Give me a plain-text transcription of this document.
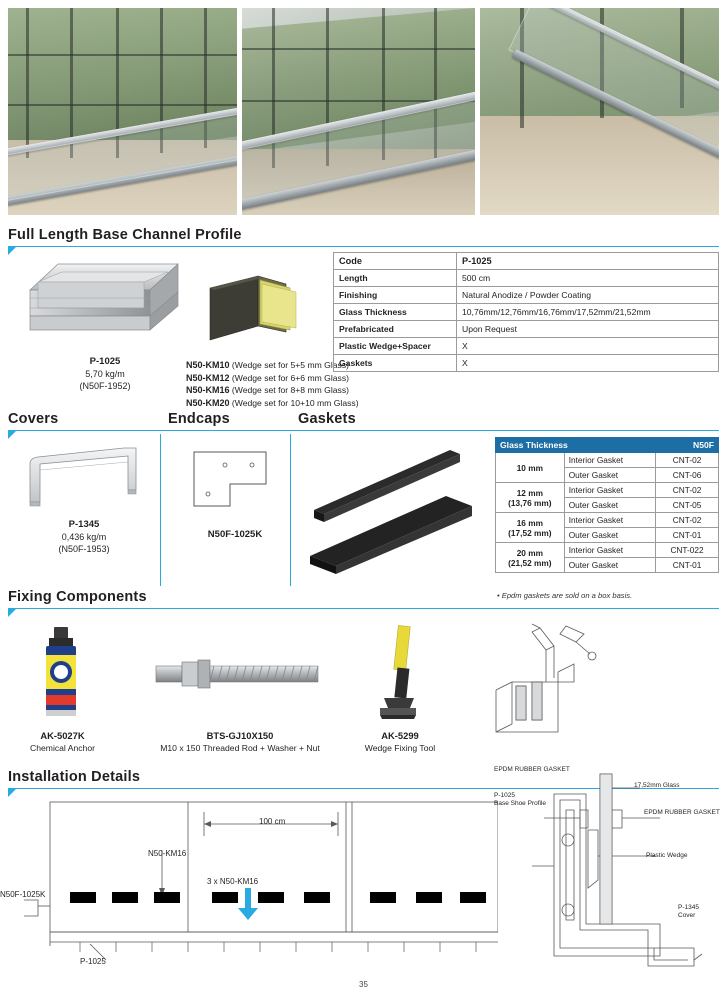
Full Length Base Channel Profile
P-1025
5,70 kg/m
(N50F-1952)
N50-KM10 (Wedge set for 5+5 mm Glass)
N50-KM12 (Wedge set for 6+6 mm Glass)
N50-KM16 (Wedge set for 8+8 mm Glass)
N50-KM20 (Wedge set for 10+10 mm Glass)
Code	P-1025
Length	500 cm
Finishing	Natural Anodize / Powder Coating
Glass Thickness	10,76mm/12,76mm/16,76mm/17,52mm/21,52mm
Prefabricated	Upon Request
Plastic Wedge+Spacer	X
Gaskets	X
Covers	Endcaps	Gaskets
P-1345
0,436 kg/m
(N50F-1953)
N50F-1025K
Glass Thickness		N50F
10 mm	Interior Gasket	CNT-02
	Outer Gasket	CNT-06
12 mm
(13,76 mm)	Interior Gasket	CNT-02
	Outer Gasket	CNT-05
16 mm
(17,52 mm)	Interior Gasket	CNT-02
	Outer Gasket	CNT-01
20 mm
(21,52 mm)	Interior Gasket	CNT-022
	Outer Gasket	CNT-01
• Epdm gaskets are sold on a box basis.
Fixing Components
AK-5027K
Chemical Anchor
BTS-GJ10X150
M10 x 150 Threaded Rod + Washer + Nut
AK-5299
Wedge Fixing Tool
Installation Details
100 cm
N50-KM16
3 x N50-KM16
N50F-1025K
P-1025
17,52mm Glass
EPDM RUBBER GASKET
EPDM RUBBER GASKET
P-1025
Base Shoe Profile
Plastic Wedge
P-1345
Cover
35
